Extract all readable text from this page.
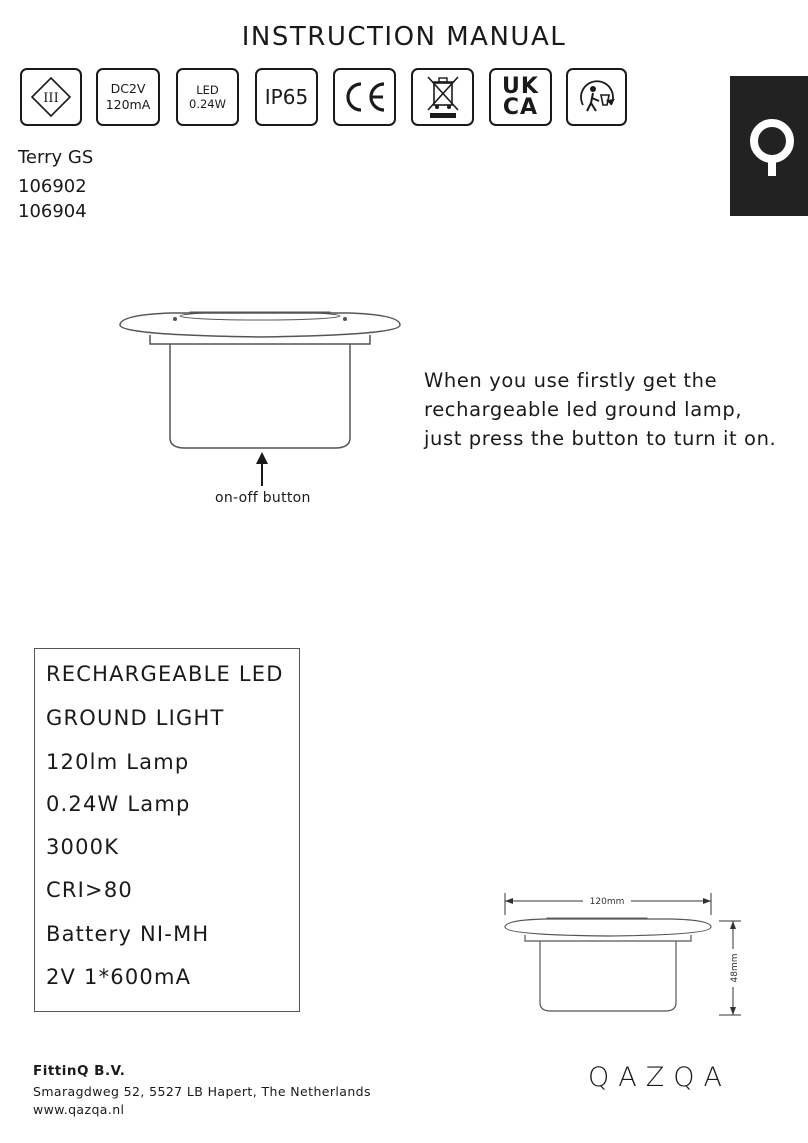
INSTRUCTION MANUAL
III
DC2V
120mA
LED 0.24W	IP65	UK
CA
Terry GS
106902
106904
on-off button
When you use firstly get the
rechargeable led ground lamp,
just press the button to turn it on.
RECHARGEABLE LED
GROUND LIGHT
120lm Lamp
0.24W Lamp
3000K
CRI>80
Battery NI-MH
2V 1*600mA
120mm
48mm
FittinQ B.V.
Smaragdweg 52, 5527 LB Hapert, The Netherlands
www.qazqa.nl
QAZQA
